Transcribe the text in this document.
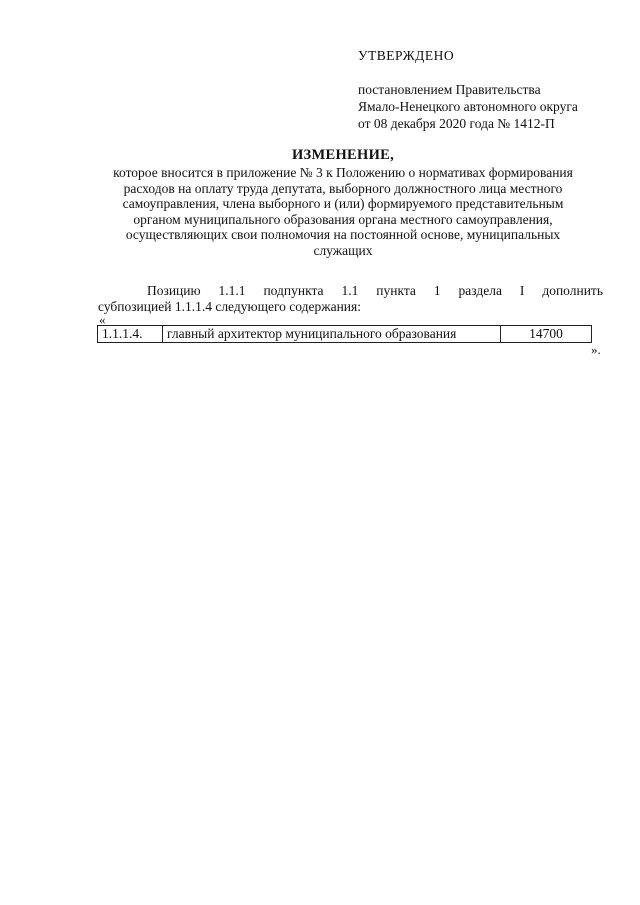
УТВЕРЖДЕНО
постановлением Правительства
Ямало-Ненецкого автономного округа
от 08 декабря 2020 года № 1412-П
ИЗМЕНЕНИЕ,
которое вносится в приложение № 3 к Положению о нормативах формирования
расходов на оплату труда депутата, выборного должностного лица местного
самоуправления, члена выборного и (или) формируемого представительным
органом муниципального образования органа местного самоуправления,
осуществляющих свои полномочия на постоянной основе, муниципальных
служащих
Позицию 1.1.1 подпункта 1.1 пункта 1 раздела I дополнить
субпозицией 1.1.1.4 следующего содержания:
«
1.1.1.4.	главный архитектор муниципального образования	14700
».
